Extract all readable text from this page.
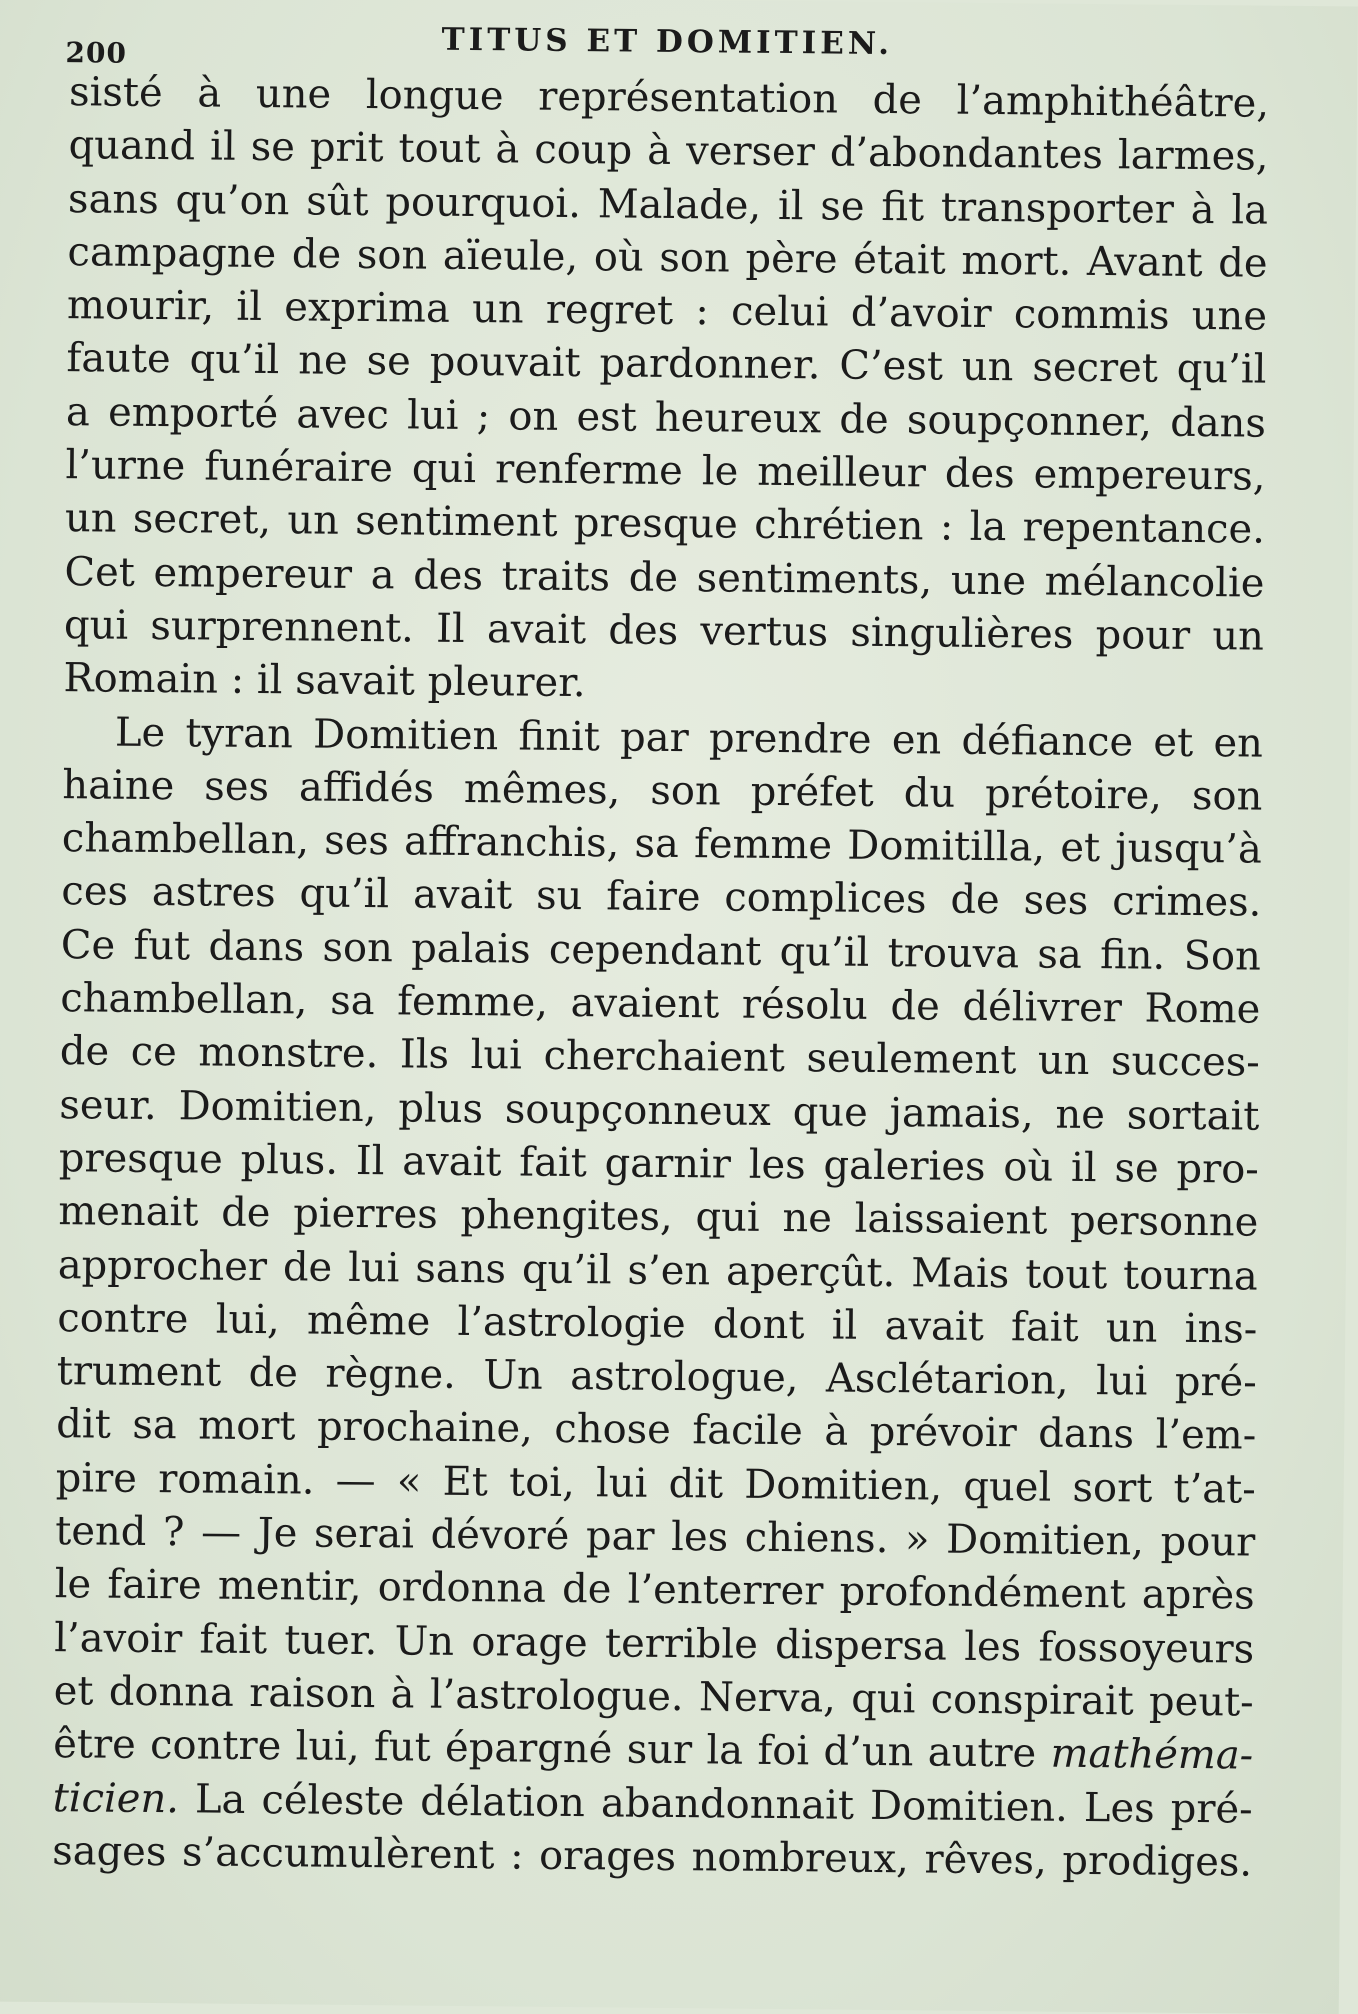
200	TITUS ET DOMITIEN.
sisté à une longue représentation de l’amphithéâtre,
quand il se prit tout à coup à verser d’abondantes larmes,
sans qu’on sût pourquoi. Malade, il se fit transporter à la
campagne de son aïeule, où son père était mort. Avant de
mourir, il exprima un regret : celui d’avoir commis une
faute qu’il ne se pouvait pardonner. C’est un secret qu’il
a emporté avec lui ; on est heureux de soupçonner, dans
l’urne funéraire qui renferme le meilleur des empereurs,
un secret, un sentiment presque chrétien : la repentance.
Cet empereur a des traits de sentiments, une mélancolie
qui surprennent. Il avait des vertus singulières pour un
Romain : il savait pleurer.
Le tyran Domitien finit par prendre en défiance et en
haine ses affidés mêmes, son préfet du prétoire, son
chambellan, ses affranchis, sa femme Domitilla, et jusqu’à
ces astres qu’il avait su faire complices de ses crimes.
Ce fut dans son palais cependant qu’il trouva sa fin. Son
chambellan, sa femme, avaient résolu de délivrer Rome
de ce monstre. Ils lui cherchaient seulement un succes-
seur. Domitien, plus soupçonneux que jamais, ne sortait
presque plus. Il avait fait garnir les galeries où il se pro-
menait de pierres phengites, qui ne laissaient personne
approcher de lui sans qu’il s’en aperçût. Mais tout tourna
contre lui, même l’astrologie dont il avait fait un ins-
trument de règne. Un astrologue, Asclétarion, lui pré-
dit sa mort prochaine, chose facile à prévoir dans l’em-
pire romain. — « Et toi, lui dit Domitien, quel sort t’at-
tend ? — Je serai dévoré par les chiens. » Domitien, pour
le faire mentir, ordonna de l’enterrer profondément après
l’avoir fait tuer. Un orage terrible dispersa les fossoyeurs
et donna raison à l’astrologue. Nerva, qui conspirait peut-
être contre lui, fut épargné sur la foi d’un autre mathéma-
ticien. La céleste délation abandonnait Domitien. Les pré-
sages s’accumulèrent : orages nombreux, rêves, prodiges.
